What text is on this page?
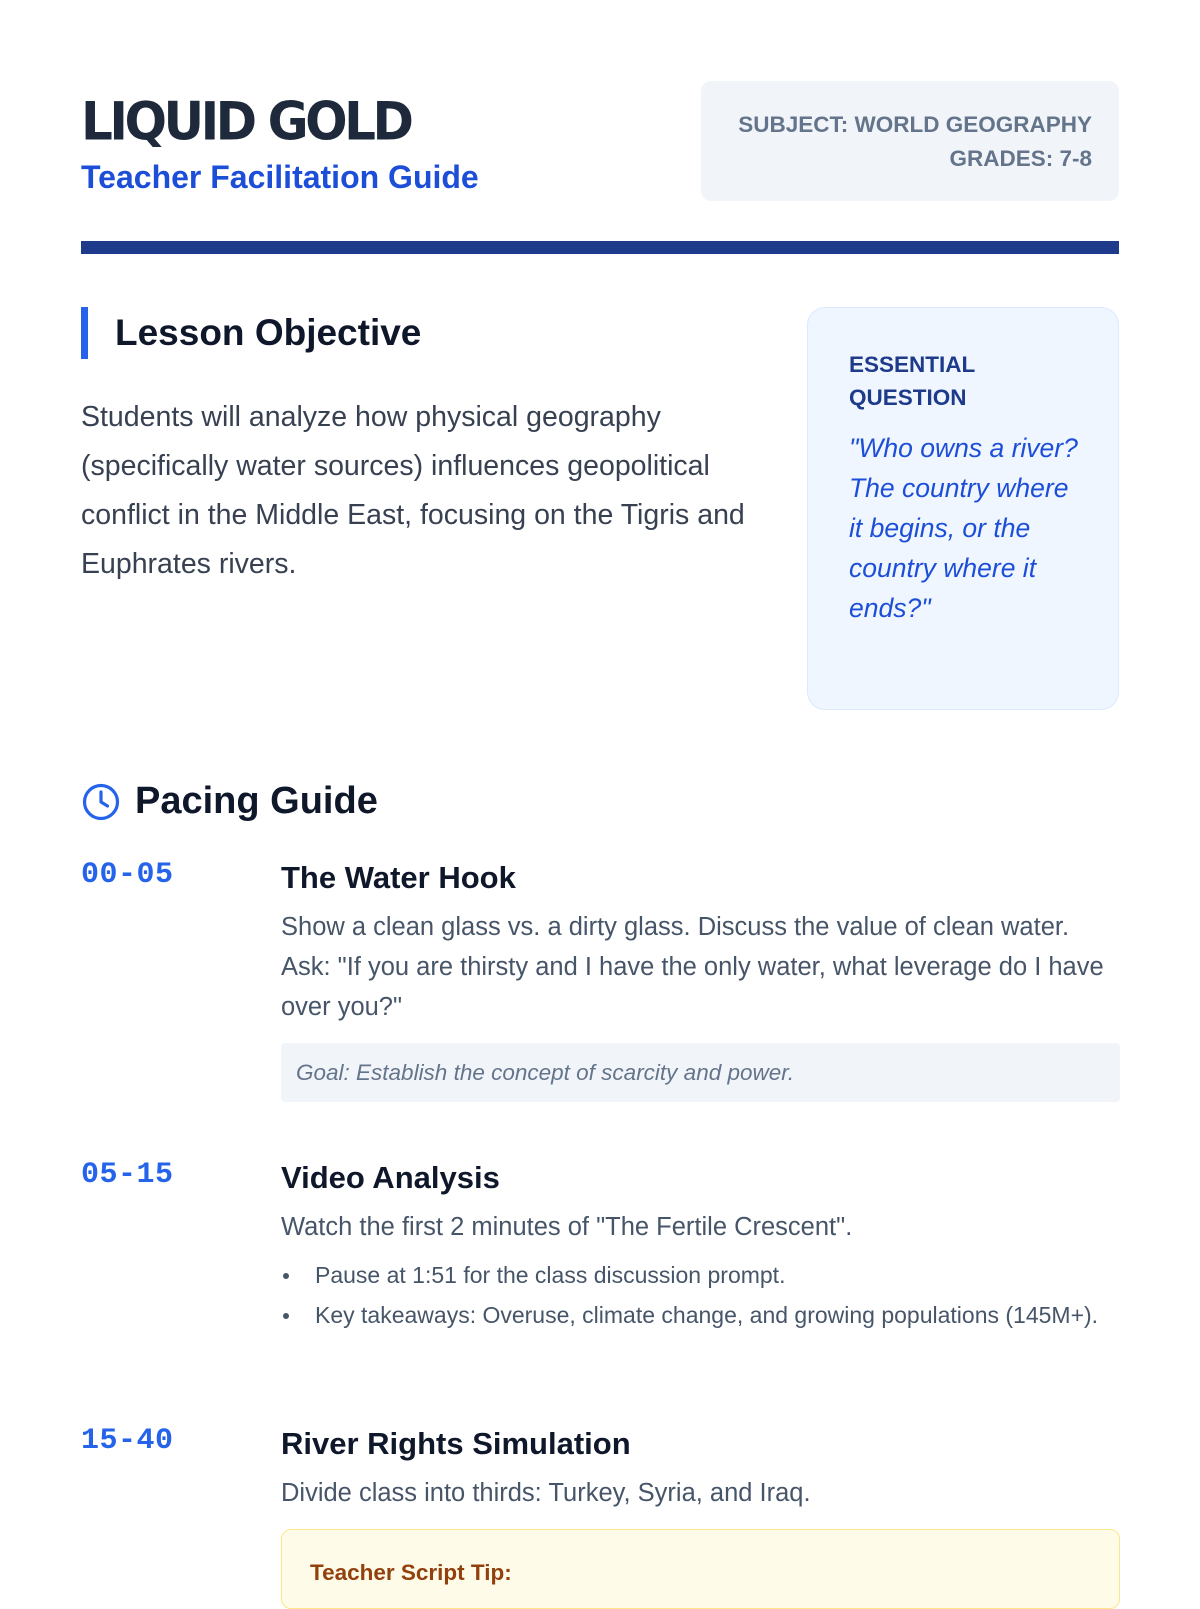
LIQUID GOLD
Teacher Facilitation Guide
SUBJECT: WORLD GEOGRAPHY
GRADES: 7-8
Lesson Objective

Students will analyze how physical geography (specifically water sources) influences geopolitical conflict in the Middle East, focusing on the Tigris and Euphrates rivers.

ESSENTIAL QUESTION
"Who owns a river? The country where it begins, or the country where it ends?"
Pacing Guide
00-05	The Water Hook
Show a clean glass vs. a dirty glass. Discuss the value of clean water. Ask: "If you are thirsty and I have the only water, what leverage do I have over you?"
Goal: Establish the concept of scarcity and power.
05-15	Video Analysis
Watch the first 2 minutes of "The Fertile Crescent".
Pause at 1:51 for the class discussion prompt.
Key takeaways: Overuse, climate change, and growing populations (145M+).
15-40	River Rights Simulation
Divide class into thirds: Turkey, Syria, and Iraq.
Teacher Script Tip:
